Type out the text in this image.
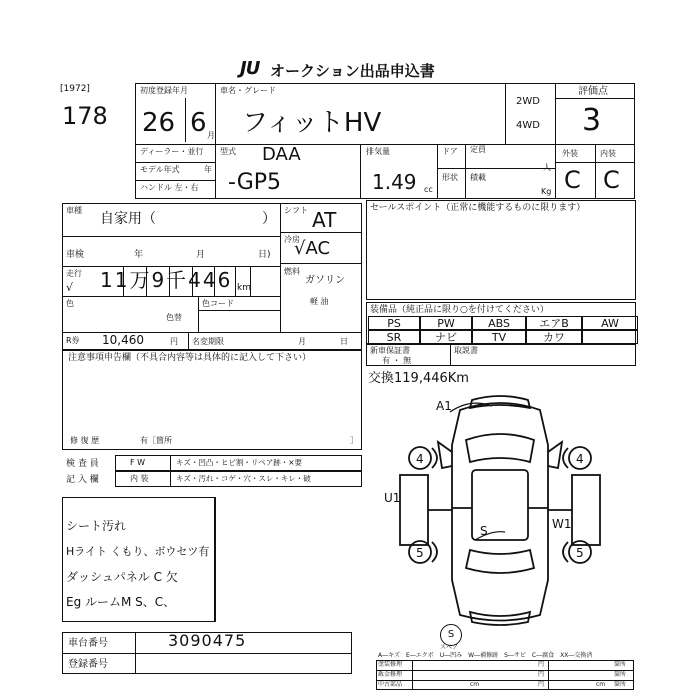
JU オークション出品申込書
[1972]
178
初度登録年月
26 6 月
車名・グレード
フィットHV
2WD
4WD
評価点
3
ディーラー・並行
モデル年式	年
ハンドル 左・右
型式 DAA
-GP5
排気量
1.49 cc
ドア 定員
人
形状 積載
Kg
外装	内装
C C
車種
自家用（	）
シフト AT
車検	年	月	日)
冷房
√AC
走行
√ 11万9千446 km
燃料
ガソリン
軽 油
色
色替
色コード
R券 10,460	円 名変期限	月	日
注意事項申告欄（不具合内容等は具体的に記入して下さい）
修 復 歴	有［箇所	］
検 査 員	F W	キズ・凹凸・ヒビ割・リペア跡・×要
記 入 欄	内 装	キズ・汚れ・コゲ・穴・スレ・キレ・破
シート汚れ
Hライト くもり、ボウセツ有
ダッシュパネル C 欠
Eg ルームM S、C、
車台番号	3090475
登録番号
セールスポイント（正常に機能するものに限ります）
装備品（純正品に限り○を付けてください）
PS	PW	ABS	エアB	AW
SR	ナビ	TV	カワ
新車保証書
有 ・ 無
取説書
交換119,446Km
A1
4	4
U1
W1
S
5	5
S
スペア
A―キズ　E―エクボ　U―凹み　W―補修跡　S―サビ　C―腐食　XX―交換済
塗装修理
鈑金修理
中古部品
円	箇所
円	箇所
円	箇所
cm	cm
